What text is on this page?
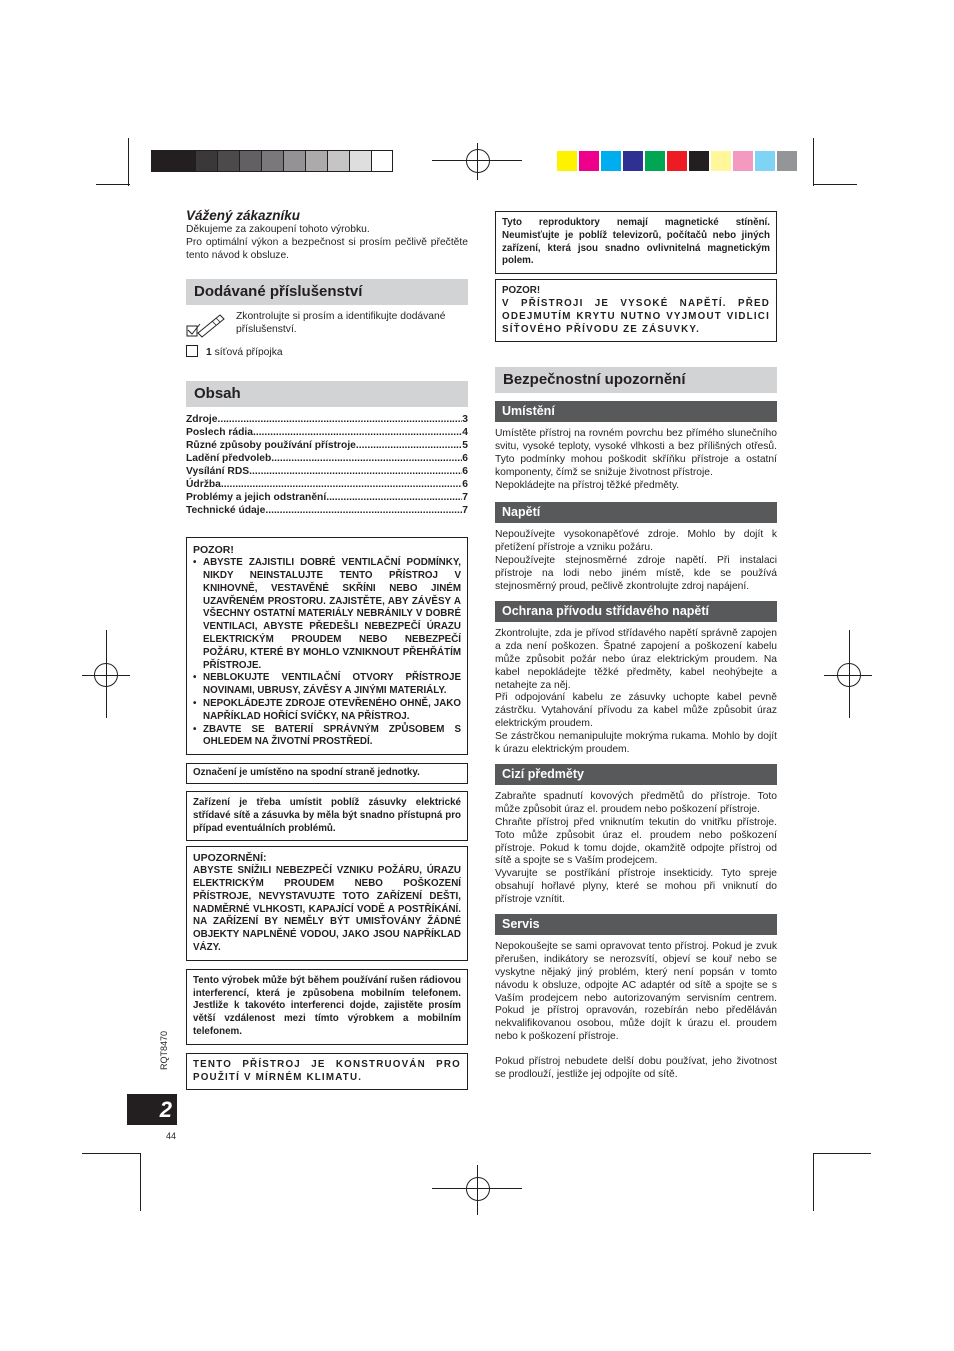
Vážený zákazníku
Děkujeme za zakoupení tohoto výrobku.
Pro optimální výkon a bezpečnost si prosím pečlivě přečtěte tento návod k obsluze.
Dodávané příslušenství
Zkontrolujte si prosím a identifikujte dodávané příslušenství.
1 síťová přípojka
Obsah
Zdroje .....	3
Poslech rádia .....	4
Různé způsoby používání přístroje .....	5
Ladění předvoleb .....	6
Vysílání RDS .....	6
Údržba .....	6
Problémy a jejich odstranění .....	7
Technické údaje .....	7
POZOR!
• ABYSTE ZAJISTILI DOBRÉ VENTILAČNÍ PODMÍNKY, NIKDY NEINSTALUJTE TENTO PŘÍSTROJ V KNIHOVNĚ, VESTAVĚNÉ SKŘÍNI NEBO JINÉM UZAVŘENÉM PROSTORU. ZAJISTĚTE, ABY ZÁVĚSY A VŠECHNY OSTATNÍ MATERIÁLY NEBRÁNILY V DOBRÉ VENTILACI, ABYSTE PŘEDEŠLI NEBEZPEČÍ ÚRAZU ELEKTRICKÝM PROUDEM NEBO NEBEZPEČÍ POŽÁRU, KTERÉ BY MOHLO VZNIKNOUT PŘEHŘÁTÍM PŘÍSTROJE.
• NEBLOKUJTE VENTILAČNÍ OTVORY PŘÍSTROJE NOVINAMI, UBRUSY, ZÁVĚSY A JINÝMI MATERIÁLY.
• NEPOKLÁDEJTE ZDROJE OTEVŘENÉHO OHNĚ, JAKO NAPŘÍKLAD HOŘÍCÍ SVÍČKY, NA PŘÍSTROJ.
• ZBAVTE SE BATERIÍ SPRÁVNÝM ZPŮSOBEM S OHLEDEM NA ŽIVOTNÍ PROSTŘEDÍ.
Označení je umístěno na spodní straně jednotky.
Zařízení je třeba umístit poblíž zásuvky elektrické střídavé sítě a zásuvka by měla být snadno přístupná pro případ eventuálních problémů.
UPOZORNĚNÍ:
ABYSTE SNÍŽILI NEBEZPEČÍ VZNIKU POŽÁRU, ÚRAZU ELEKTRICKÝM PROUDEM NEBO POŠKOZENÍ PŘÍSTROJE, NEVYSTAVUJTE TOTO ZAŘÍZENÍ DEŠTI, NADMĚRNÉ VLHKOSTI, KAPAJÍCÍ VODĚ A POSTŘÍKÁNÍ. NA ZAŘÍZENÍ BY NEMĚLY BÝT UMISŤOVÁNY ŽÁDNÉ OBJEKTY NAPLNĚNÉ VODOU, JAKO JSOU NAPŘÍKLAD VÁZY.
Tento výrobek může být během používání rušen rádiovou interferencí, která je způsobena mobilním telefonem. Jestliže k takovéto interferenci dojde, zajistěte prosím větší vzdálenost mezi tímto výrobkem a mobilním telefonem.
TENTO PŘÍSTROJ JE KONSTRUOVÁN PRO POUŽITÍ V MÍRNÉM KLIMATU.
Tyto reproduktory nemají magnetické stínění. Neumisťujte je poblíž televizorů, počítačů nebo jiných zařízení, která jsou snadno ovlivnitelná magnetickým polem.
POZOR!
V PŘÍSTROJI JE VYSOKÉ NAPĚTÍ. PŘED ODEJMUTÍM KRYTU NUTNO VYJMOUT VIDLICI SÍŤOVÉHO PŘÍVODU ZE ZÁSUVKY.
Bezpečnostní upozornění
Umístění
Umístěte přístroj na rovném povrchu bez přímého slunečního svitu, vysoké teploty, vysoké vlhkosti a bez přílišných otřesů. Tyto podmínky mohou poškodit skříňku přístroje a ostatní komponenty, čímž se snižuje životnost přístroje.
Nepokládejte na přístroj těžké předměty.
Napětí
Nepoužívejte vysokonapěťové zdroje. Mohlo by dojít k přetížení přístroje a vzniku požáru.
Nepoužívejte stejnosměrné zdroje napětí. Při instalaci přístroje na lodi nebo jiném místě, kde se používá stejnosměrný proud, pečlivě zkontrolujte zdroj napájení.
Ochrana přívodu střídavého napětí
Zkontrolujte, zda je přívod střídavého napětí správně zapojen a zda není poškozen. Špatné zapojení a poškození kabelu může způsobit požár nebo úraz elektrickým proudem. Na kabel nepokládejte těžké předměty, kabel neohýbejte a netahejte za něj.
Při odpojování kabelu ze zásuvky uchopte kabel pevně zástrčku. Vytahování přívodu za kabel může způsobit úraz elektrickým proudem.
Se zástrčkou nemanipulujte mokrýma rukama. Mohlo by dojít k úrazu elektrickým proudem.
Cizí předměty
Zabraňte spadnutí kovových předmětů do přístroje. Toto může způsobit úraz el. proudem nebo poškození přístroje.
Chraňte přístroj před vniknutím tekutin do vnitřku přístroje. Toto může způsobit úraz el. proudem nebo poškození přístroje. Pokud k tomu dojde, okamžitě odpojte přístroj od sítě a spojte se s Vaším prodejcem.
Vyvarujte se postříkání přístroje insekticidy. Tyto spreje obsahují hořlavé plyny, které se mohou při vniknutí do přístroje vznítit.
Servis
Nepokoušejte se sami opravovat tento přístroj. Pokud je zvuk přerušen, indikátory se nerozsvítí, objeví se kouř nebo se vyskytne nějaký jiný problém, který není popsán v tomto návodu k obsluze, odpojte AC adaptér od sítě a spojte se s Vaším prodejcem nebo autorizovaným servisním centrem. Pokud je přístroj opravován, rozebírán nebo předěláván nekvalifikovanou osobou, může dojít k úrazu el. proudem nebo k poškození přístroje.
Pokud přístroj nebudete delší dobu používat, jeho životnost se prodlouží, jestliže jej odpojíte od sítě.
RQT8470
2
44
